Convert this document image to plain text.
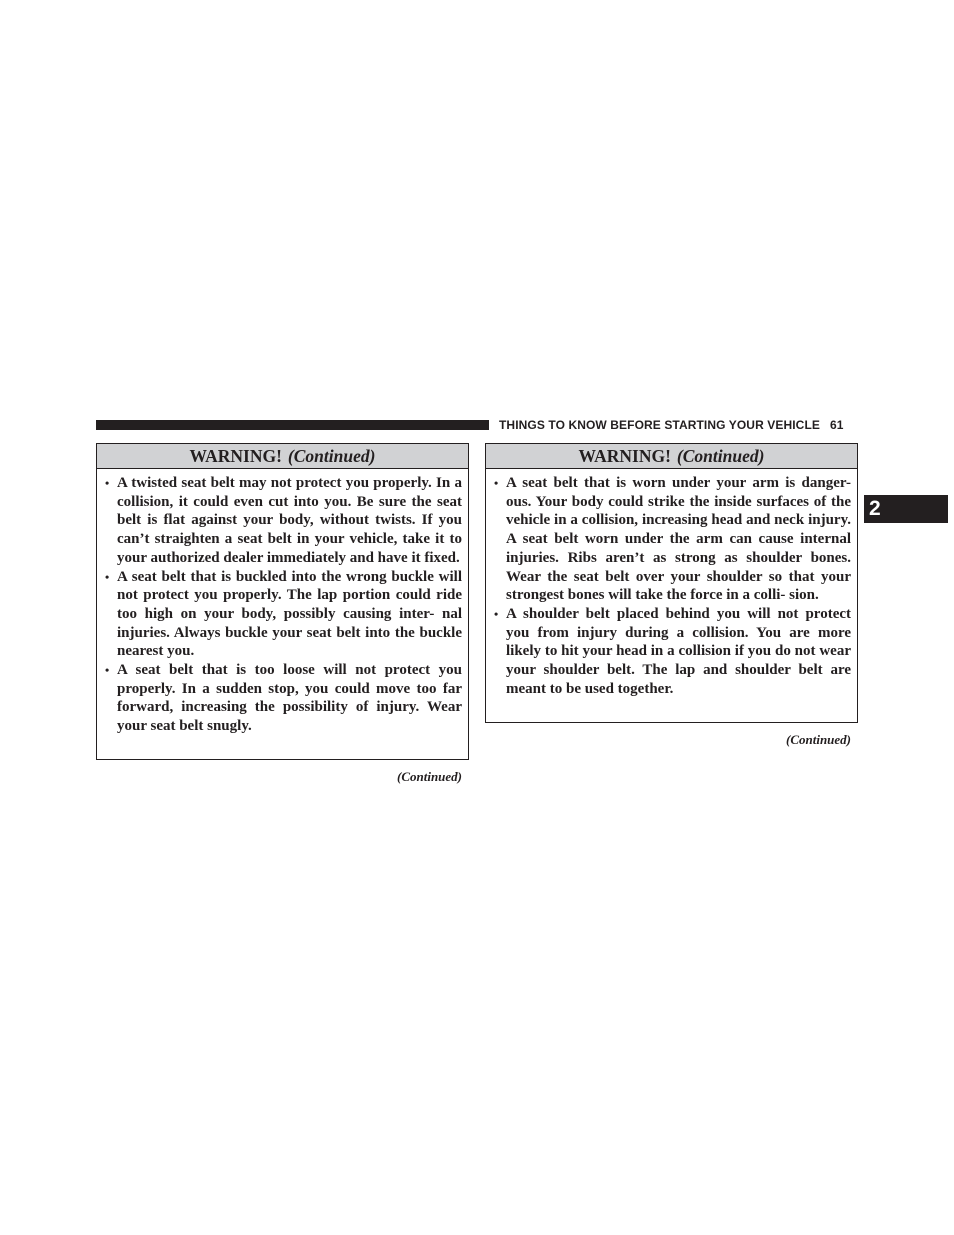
THINGS TO KNOW BEFORE STARTING YOUR VEHICLE 61
2
WARNING! (Continued)
• A twisted seat belt may not protect you properly. In a collision, it could even cut into you. Be sure the seat belt is flat against your body, without twists. If you can’t straighten a seat belt in your vehicle, take it to your authorized dealer immediately and have it fixed.
• A seat belt that is buckled into the wrong buckle will not protect you properly. The lap portion could ride too high on your body, possibly causing inter- nal injuries. Always buckle your seat belt into the buckle nearest you.
• A seat belt that is too loose will not protect you properly. In a sudden stop, you could move too far forward, increasing the possibility of injury. Wear your seat belt snugly.
(Continued)
WARNING! (Continued)
• A seat belt that is worn under your arm is danger- ous. Your body could strike the inside surfaces of the vehicle in a collision, increasing head and neck injury. A seat belt worn under the arm can cause internal injuries. Ribs aren’t as strong as shoulder bones. Wear the seat belt over your shoulder so that your strongest bones will take the force in a colli- sion.
• A shoulder belt placed behind you will not protect you from injury during a collision. You are more likely to hit your head in a collision if you do not wear your shoulder belt. The lap and shoulder belt are meant to be used together.
(Continued)
